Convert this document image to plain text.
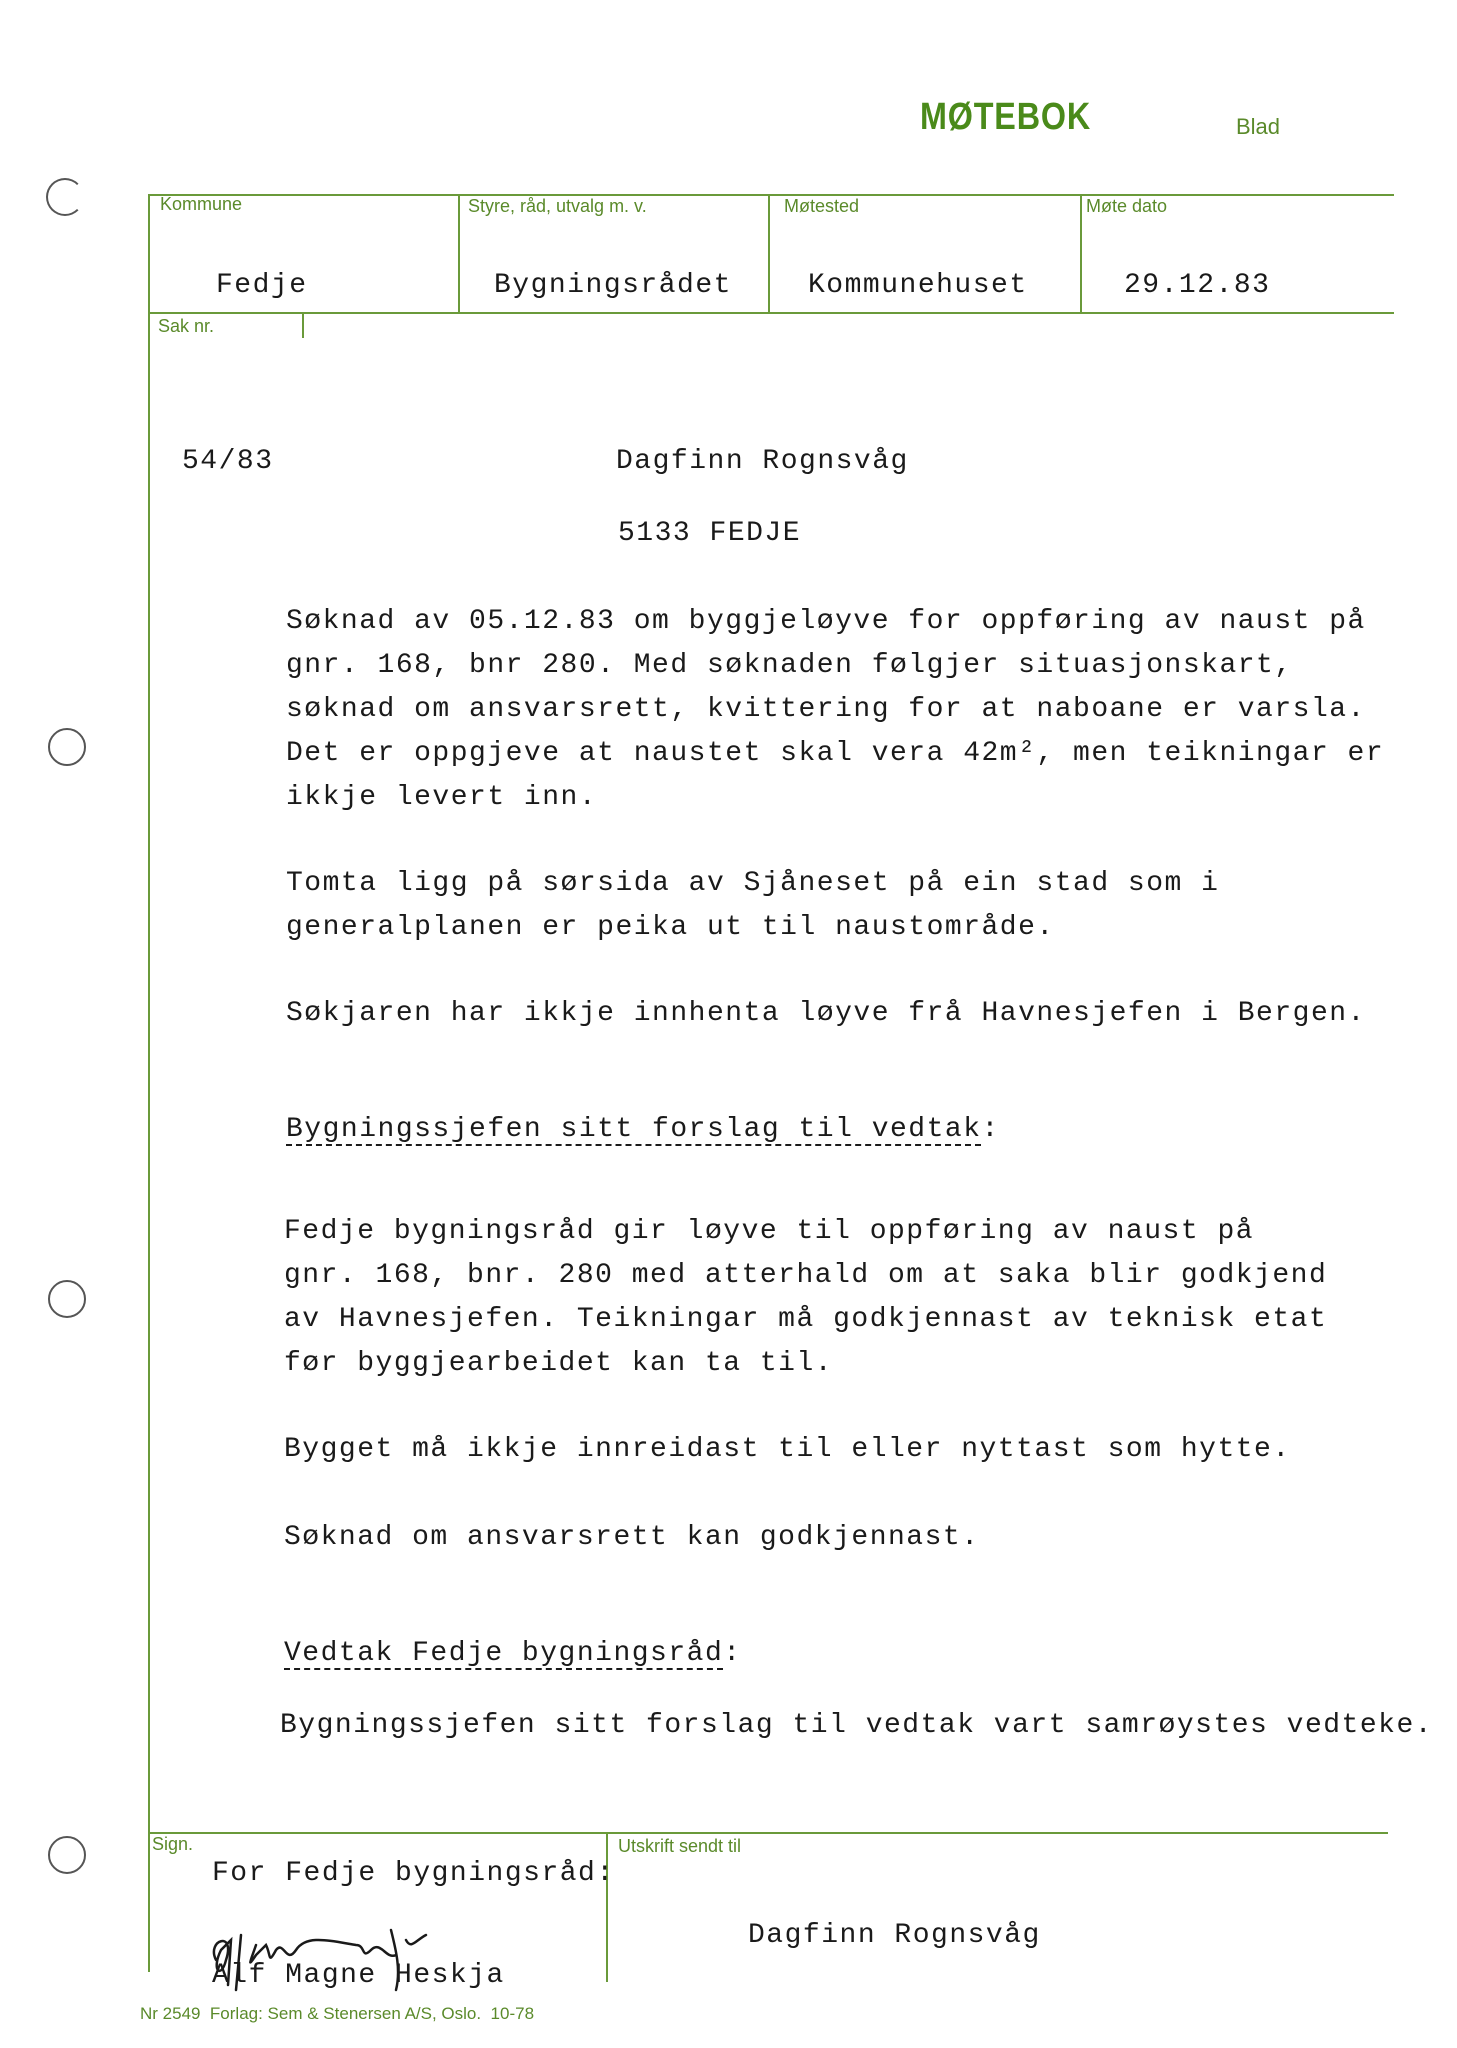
MØTEBOK	Blad
Kommune	Styre, råd, utvalg m. v.	Møtested	Møte dato
Sak nr.
Fedje	Bygningsrådet	Kommunehuset	29.12.83
54/83	Dagfinn Rognsvåg
5133 FEDJE
Søknad av 05.12.83 om byggjeløyve for oppføring av naust på
gnr. 168, bnr 280. Med søknaden følgjer situasjonskart,
søknad om ansvarsrett, kvittering for at naboane er varsla.
Det er oppgjeve at naustet skal vera 42m², men teikningar er
ikkje levert inn.
Tomta ligg på sørsida av Sjåneset på ein stad som i
generalplanen er peika ut til naustområde.
Søkjaren har ikkje innhenta løyve frå Havnesjefen i Bergen.
Bygningssjefen sitt forslag til vedtak:
Fedje bygningsråd gir løyve til oppføring av naust på
gnr. 168, bnr. 280 med atterhald om at saka blir godkjend
av Havnesjefen. Teikningar må godkjennast av teknisk etat
før byggjearbeidet kan ta til.
Bygget må ikkje innreidast til eller nyttast som hytte.
Søknad om ansvarsrett kan godkjennast.
Vedtak Fedje bygningsråd:
Bygningssjefen sitt forslag til vedtak vart samrøystes vedteke.
Sign.	Utskrift sendt til
For Fedje bygningsråd:
Alf Magne Heskja
Dagfinn Rognsvåg
Nr 2549  Forlag: Sem & Stenersen A/S, Oslo.  10-78
